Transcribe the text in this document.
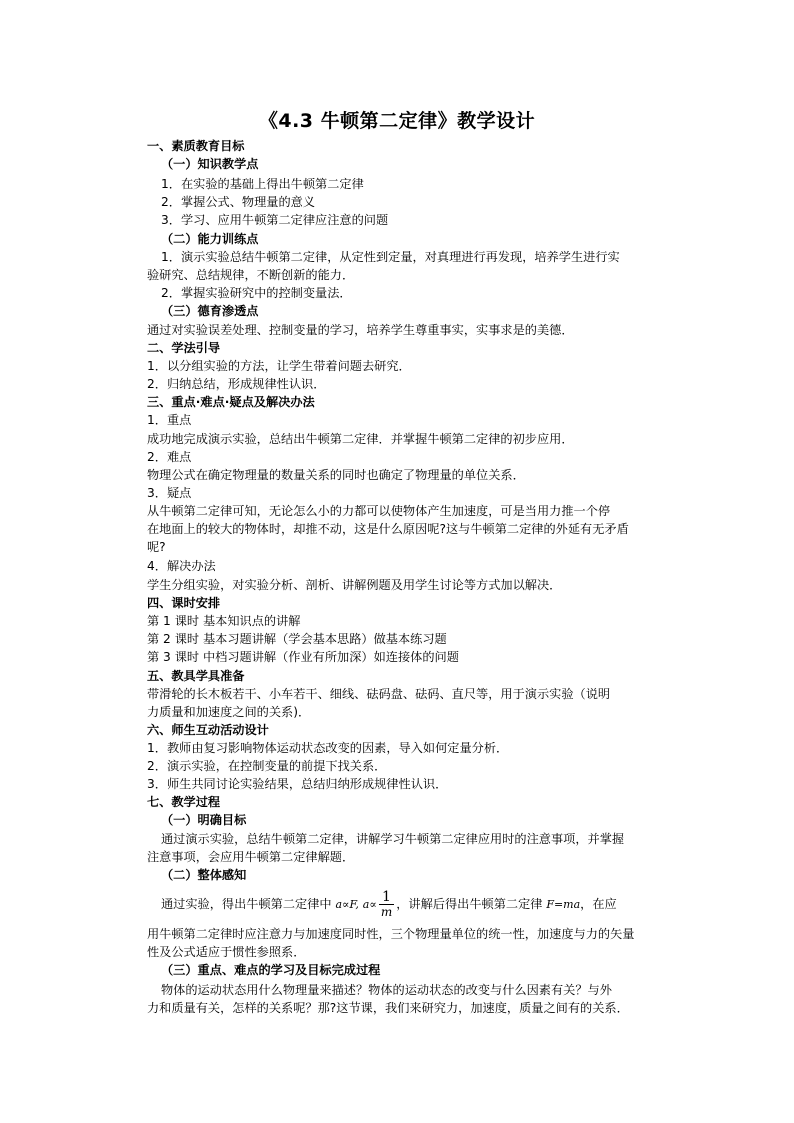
《4.3 牛顿第二定律》教学设计
一、素质教育目标
（一）知识教学点
1．在实验的基础上得出牛顿第二定律
2．掌握公式、物理量的意义
3．学习、应用牛顿第二定律应注意的问题
（二）能力训练点
1．演示实验总结牛顿第二定律，从定性到定量，对真理进行再发现，培养学生进行实
验研究、总结规律，不断创新的能力．
2．掌握实验研究中的控制变量法．
（三）德育渗透点
通过对实验误差处理、控制变量的学习，培养学生尊重事实，实事求是的美德．
二、学法引导
1．以分组实验的方法，让学生带着问题去研究．
2．归纳总结，形成规律性认识．
三、重点·难点·疑点及解决办法
1．重点
成功地完成演示实验，总结出牛顿第二定律．并掌握牛顿第二定律的初步应用．
2．难点
物理公式在确定物理量的数量关系的同时也确定了物理量的单位关系．
3．疑点
从牛顿第二定律可知，无论怎么小的力都可以使物体产生加速度，可是当用力推一个停
在地面上的较大的物体时，却推不动，这是什么原因呢?这与牛顿第二定律的外延有无矛盾
呢?
4．解决办法
学生分组实验，对实验分析、剖析、讲解例题及用学生讨论等方式加以解决．
四、课时安排
第 1 课时 基本知识点的讲解
第 2 课时 基本习题讲解（学会基本思路）做基本练习题
第 3 课时 中档习题讲解（作业有所加深）如连接体的问题
五、教具学具准备
带滑轮的长木板若干、小车若干、细线、砝码盘、砝码、直尺等，用于演示实验（说明
力质量和加速度之间的关系)．
六、师生互动活动设计
1．教师由复习影响物体运动状态改变的因素，导入如何定量分析．
2．演示实验，在控制变量的前提下找关系．
3．师生共同讨论实验结果，总结归纳形成规律性认识．
七、教学过程
（一）明确目标
通过演示实验，总结牛顿第二定律，讲解学习牛顿第二定律应用时的注意事项，并掌握
注意事项，会应用牛顿第二定律解题．
（二）整体感知
通过实验，得出牛顿第二定律中 a∝F, $a\propto \frac{1}{m}$ ，讲解后得出牛顿第二定律 F=ma，在应
用牛顿第二定律时应注意力与加速度同时性，三个物理量单位的统一性，加速度与力的矢量
性及公式适应于惯性参照系．
（三）重点、难点的学习及目标完成过程
物体的运动状态用什么物理量来描述？物体的运动状态的改变与什么因素有关？与外
力和质量有关，怎样的关系呢？那?这节课，我们来研究力，加速度，质量之间有的关系．
